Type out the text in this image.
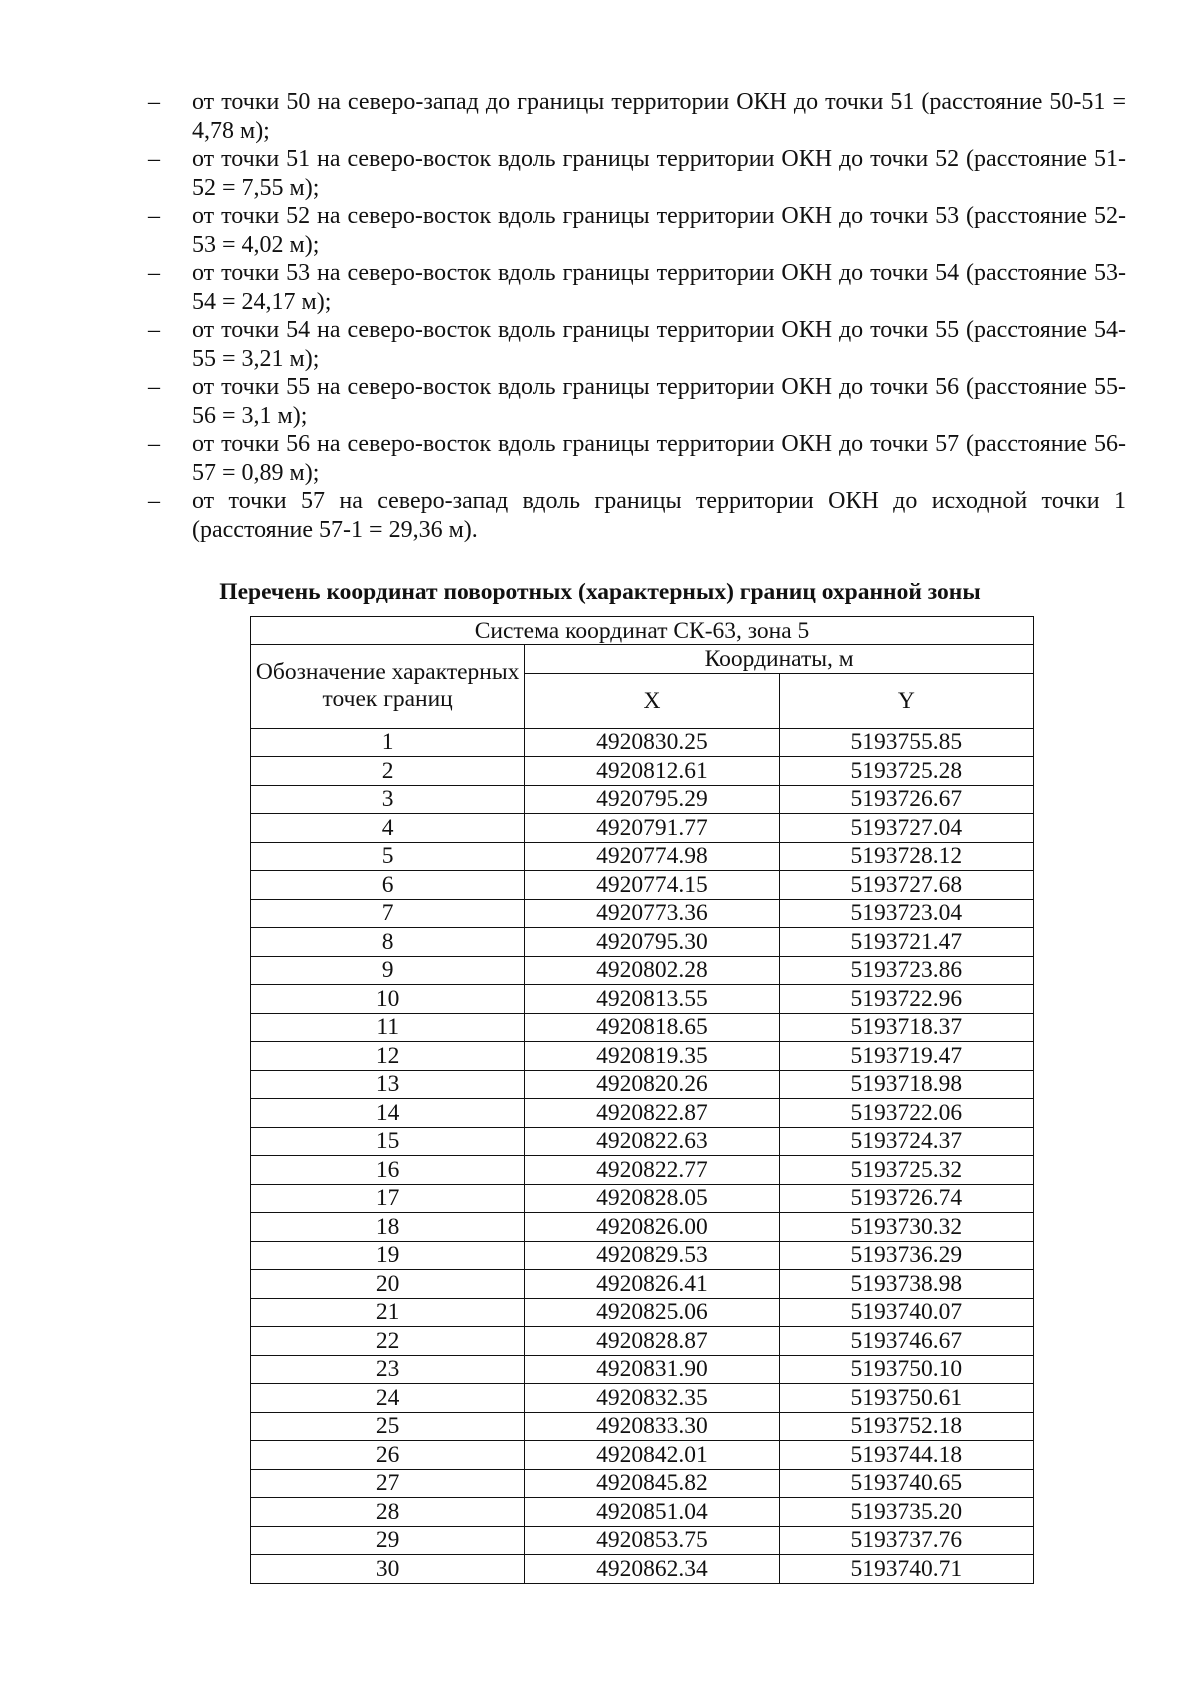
– от точки 50 на северо-запад до границы территории ОКН до точки 51 (расстояние 50-51 = 4,78 м);
– от точки 51 на северо-восток вдоль границы территории ОКН до точки 52 (расстояние 51-52 = 7,55 м);
– от точки 52 на северо-восток вдоль границы территории ОКН до точки 53 (расстояние 52-53 = 4,02 м);
– от точки 53 на северо-восток вдоль границы территории ОКН до точки 54 (расстояние 53-54 = 24,17 м);
– от точки 54 на северо-восток вдоль границы территории ОКН до точки 55 (расстояние 54-55 = 3,21 м);
– от точки 55 на северо-восток вдоль границы территории ОКН до точки 56 (расстояние 55-56 = 3,1 м);
– от точки 56 на северо-восток вдоль границы территории ОКН до точки 57 (расстояние 56-57 = 0,89 м);
– от точки 57 на северо-запад вдоль границы территории ОКН до исходной точки 1 (расстояние 57-1 = 29,36 м).
Перечень координат поворотных (характерных) границ охранной зоны
Система координат СК-63, зона 5		
Обозначение характерных точек границ	Координаты, м	
	X	Y
1	4920830.25	5193755.85
2	4920812.61	5193725.28
3	4920795.29	5193726.67
4	4920791.77	5193727.04
5	4920774.98	5193728.12
6	4920774.15	5193727.68
7	4920773.36	5193723.04
8	4920795.30	5193721.47
9	4920802.28	5193723.86
10	4920813.55	5193722.96
11	4920818.65	5193718.37
12	4920819.35	5193719.47
13	4920820.26	5193718.98
14	4920822.87	5193722.06
15	4920822.63	5193724.37
16	4920822.77	5193725.32
17	4920828.05	5193726.74
18	4920826.00	5193730.32
19	4920829.53	5193736.29
20	4920826.41	5193738.98
21	4920825.06	5193740.07
22	4920828.87	5193746.67
23	4920831.90	5193750.10
24	4920832.35	5193750.61
25	4920833.30	5193752.18
26	4920842.01	5193744.18
27	4920845.82	5193740.65
28	4920851.04	5193735.20
29	4920853.75	5193737.76
30	4920862.34	5193740.71
